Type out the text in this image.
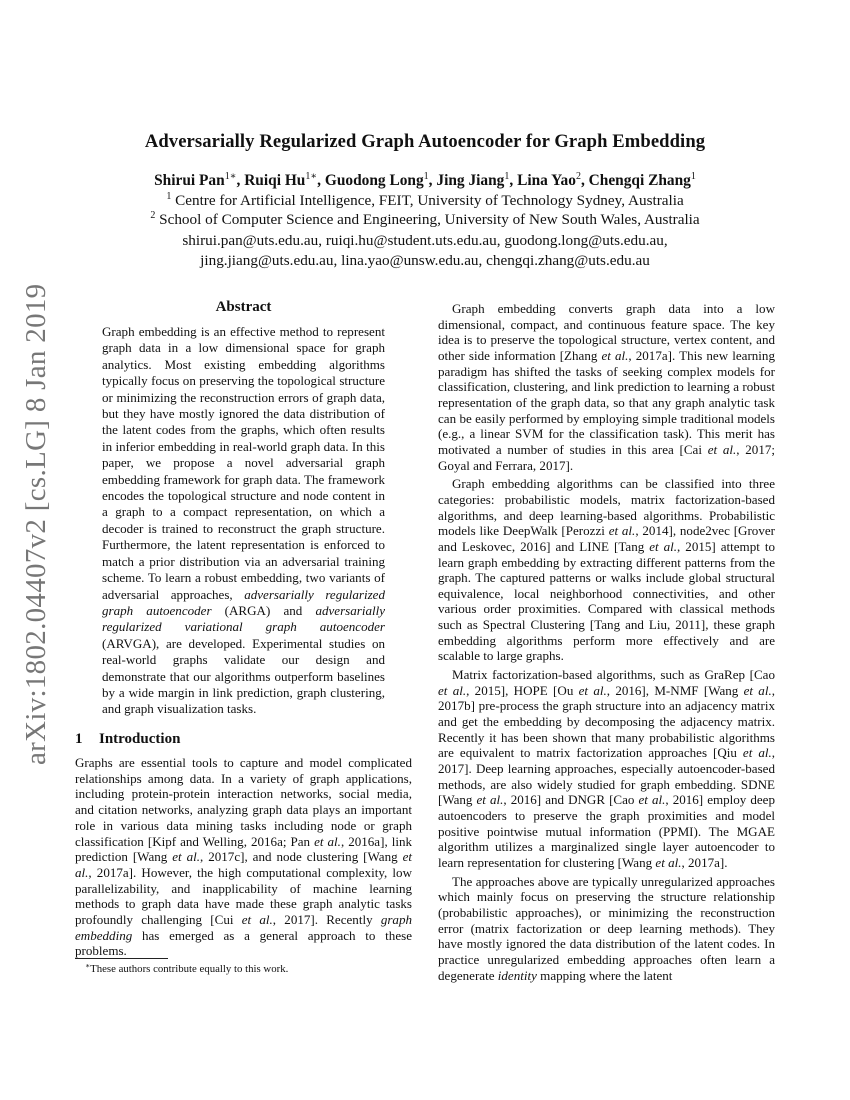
arXiv:1802.04407v2 [cs.LG] 8 Jan 2019
Adversarially Regularized Graph Autoencoder for Graph Embedding
Shirui Pan$^{1∗}$, Ruiqi $Hu^{1∗}$, Guodong Long$^1$, Jing Jiang$^1$, Lina Yao$^2$, Chengqi Zhang$^1$
$^1$ Centre for Artificial Intelligence, FEIT, University of Technology Sydney, Australia
$^2$ School of Computer Science and Engineering, University of New South Wales, Australia
shirui.pan@uts.edu.au, ruiqi.hu@student.uts.edu.au, guodong.long@uts.edu.au,
jing.jiang@uts.edu.au, lina.yao@unsw.edu.au, chengqi.zhang@uts.edu.au
Abstract
Graph embedding is an effective method to represent graph data in a low dimensional space for graph analytics. Most existing embedding algorithms typically focus on preserving the topological structure or minimizing the reconstruction errors of graph data, but they have mostly ignored the data distribution of the latent codes from the graphs, which often results in inferior embedding in real-world graph data. In this paper, we propose a novel adversarial graph embedding framework for graph data. The framework encodes the topological structure and node content in a graph to a compact representation, on which a decoder is trained to reconstruct the graph structure. Furthermore, the latent representation is enforced to match a prior distribution via an adversarial training scheme. To learn a robust embedding, two variants of adversarial approaches, adversarially regularized graph autoencoder (ARGA) and adversarially regularized variational graph autoencoder (ARVGA), are developed. Experimental studies on real-world graphs validate our design and demonstrate that our algorithms outperform baselines by a wide margin in link prediction, graph clustering, and graph visualization tasks.
1 Introduction
Graphs are essential tools to capture and model complicated relationships among data. In a variety of graph applications, including protein-protein interaction networks, social media, and citation networks, analyzing graph data plays an important role in various data mining tasks including node or graph classification [Kipf and Welling, 2016a; Pan et al., 2016a], link prediction [Wang et al., 2017c], and node clustering [Wang et al., 2017a]. However, the high computational complexity, low parallelizability, and inapplicability of machine learning methods to graph data have made these graph analytic tasks profoundly challenging [Cui et al., 2017]. Recently graph embedding has emerged as a general approach to these problems.
∗These authors contribute equally to this work.

Graph embedding converts graph data into a low dimensional, compact, and continuous feature space. The key idea is to preserve the topological structure, vertex content, and other side information [Zhang et al., 2017a]. This new learning paradigm has shifted the tasks of seeking complex models for classification, clustering, and link prediction to learning a robust representation of the graph data, so that any graph analytic task can be easily performed by employing simple traditional models (e.g., a linear SVM for the classification task). This merit has motivated a number of studies in this area [Cai et al., 2017; Goyal and Ferrara, 2017].

Graph embedding algorithms can be classified into three categories: probabilistic models, matrix factorization-based algorithms, and deep learning-based algorithms. Probabilistic models like DeepWalk [Perozzi et al., 2014], node2vec [Grover and Leskovec, 2016] and LINE [Tang et al., 2015] attempt to learn graph embedding by extracting different patterns from the graph. The captured patterns or walks include global structural equivalence, local neighborhood connectivities, and other various order proximities. Compared with classical methods such as Spectral Clustering [Tang and Liu, 2011], these graph embedding algorithms perform more effectively and are scalable to large graphs.

Matrix factorization-based algorithms, such as GraRep [Cao et al., 2015], HOPE [Ou et al., 2016], M-NMF [Wang et al., 2017b] pre-process the graph structure into an adjacency matrix and get the embedding by decomposing the adjacency matrix. Recently it has been shown that many probabilistic algorithms are equivalent to matrix factorization approaches [Qiu et al., 2017]. Deep learning approaches, especially autoencoder-based methods, are also widely studied for graph embedding. SDNE [Wang et al., 2016] and DNGR [Cao et al., 2016] employ deep autoencoders to preserve the graph proximities and model positive pointwise mutual information (PPMI). The MGAE algorithm utilizes a marginalized single layer autoencoder to learn representation for clustering [Wang et al., 2017a].

The approaches above are typically unregularized approaches which mainly focus on preserving the structure relationship (probabilistic approaches), or minimizing the reconstruction error (matrix factorization or deep learning methods). They have mostly ignored the data distribution of the latent codes. In practice unregularized embedding approaches often learn a degenerate identity mapping where the latent
